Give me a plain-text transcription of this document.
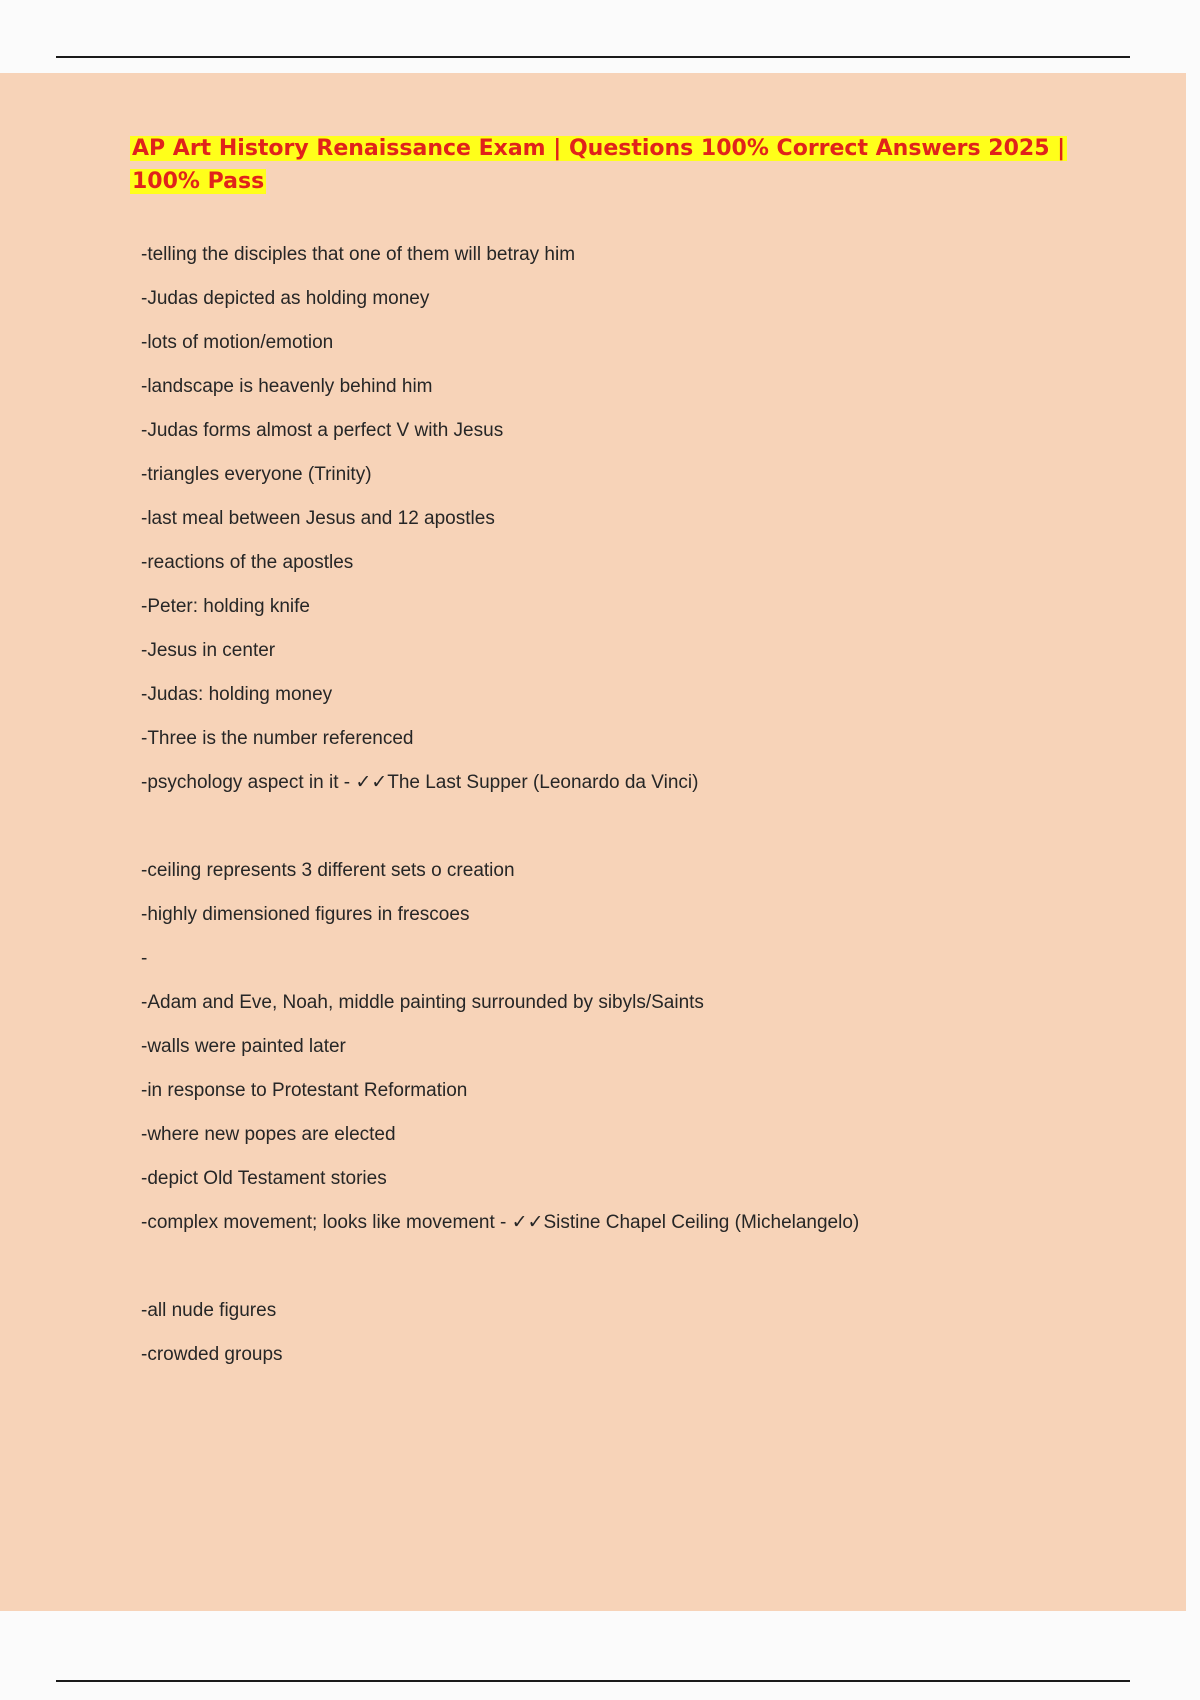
AP Art History Renaissance Exam | Questions 100% Correct Answers 2025 | 100% Pass
-telling the disciples that one of them will betray him
-Judas depicted as holding money
-lots of motion/emotion
-landscape is heavenly behind him
-Judas forms almost a perfect V with Jesus
-triangles everyone (Trinity)
-last meal between Jesus and 12 apostles
-reactions of the apostles
-Peter: holding knife
-Jesus in center
-Judas: holding money
-Three is the number referenced
-psychology aspect in it - ✓✓The Last Supper (Leonardo da Vinci)
-ceiling represents 3 different sets o creation
-highly dimensioned figures in frescoes
-
-Adam and Eve, Noah, middle painting surrounded by sibyls/Saints
-walls were painted later
-in response to Protestant Reformation
-where new popes are elected
-depict Old Testament stories
-complex movement; looks like movement - ✓✓Sistine Chapel Ceiling (Michelangelo)
-all nude figures
-crowded groups
